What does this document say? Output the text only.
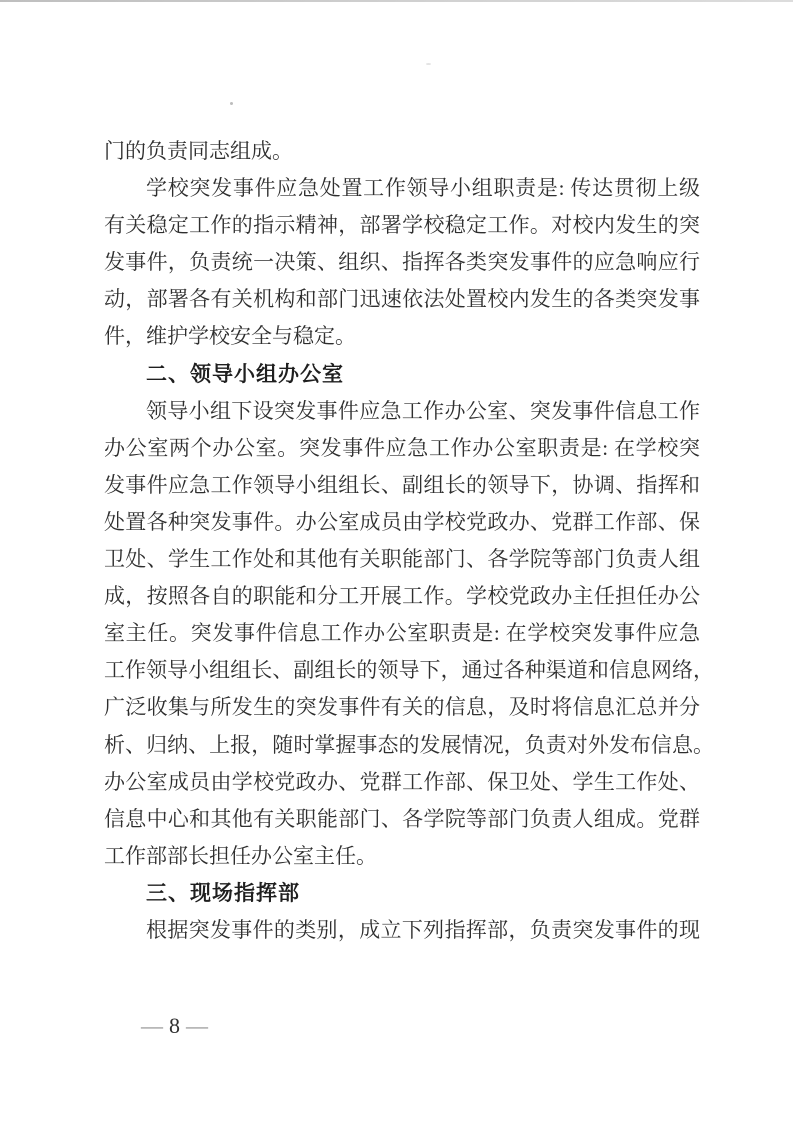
门的负责同志组成。
学校突发事件应急处置工作领导小组职责是: 传达贯彻上级
有关稳定工作的指示精神，部署学校稳定工作。对校内发生的突
发事件，负责统一决策、组织、指挥各类突发事件的应急响应行
动，部署各有关机构和部门迅速依法处置校内发生的各类突发事
件，维护学校安全与稳定。
二、领导小组办公室
领导小组下设突发事件应急工作办公室、突发事件信息工作
办公室两个办公室。突发事件应急工作办公室职责是: 在学校突
发事件应急工作领导小组组长、副组长的领导下，协调、指挥和
处置各种突发事件。办公室成员由学校党政办、党群工作部、保
卫处、学生工作处和其他有关职能部门、各学院等部门负责人组
成，按照各自的职能和分工开展工作。学校党政办主任担任办公
室主任。突发事件信息工作办公室职责是: 在学校突发事件应急
工作领导小组组长、副组长的领导下，通过各种渠道和信息网络，
广泛收集与所发生的突发事件有关的信息，及时将信息汇总并分
析、归纳、上报，随时掌握事态的发展情况，负责对外发布信息。
办公室成员由学校党政办、党群工作部、保卫处、学生工作处、
信息中心和其他有关职能部门、各学院等部门负责人组成。党群
工作部部长担任办公室主任。
三、现场指挥部
根据突发事件的类别，成立下列指挥部，负责突发事件的现
— 8 —
